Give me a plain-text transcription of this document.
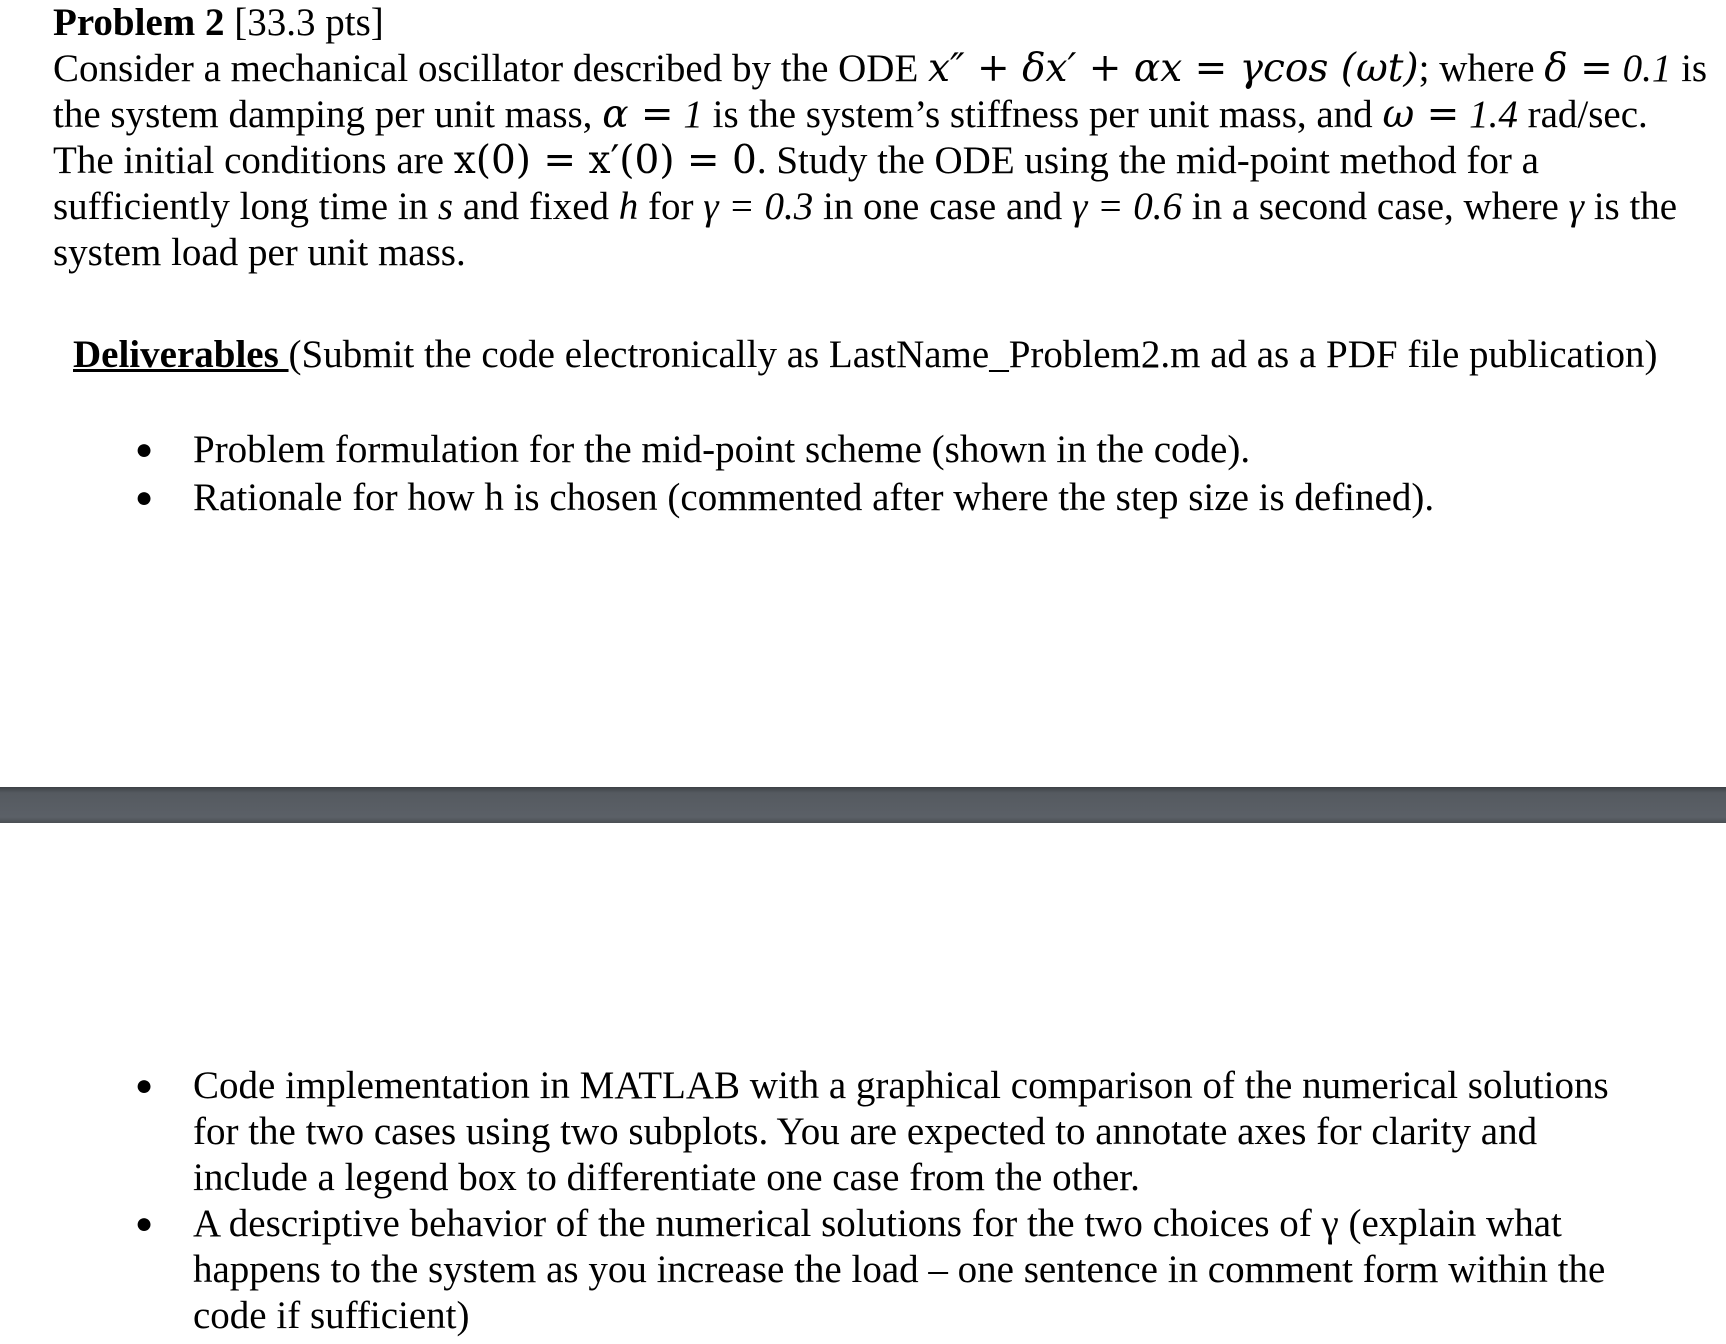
Problem 2 [33.3 pts]

Consider a mechanical oscillator described by the ODE x″ + δx′ + αx = γcos (ωt); where δ = 0.1 is the system damping per unit mass, α = 1 is the system’s stiffness per unit mass, and ω = 1.4 rad/sec. The initial conditions are x(0) = x′(0) = 0. Study the ODE using the mid-point method for a sufficiently long time in s and fixed h for γ = 0.3 in one case and γ = 0.6 in a second case, where γ is the system load per unit mass.

Deliverables (Submit the code electronically as LastName_Problem2.m ad as a PDF file publication)
● Problem formulation for the mid-point scheme (shown in the code).
● Rationale for how h is chosen (commented after where the step size is defined).
● Code implementation in MATLAB with a graphical comparison of the numerical solutions for the two cases using two subplots. You are expected to annotate axes for clarity and include a legend box to differentiate one case from the other.
● A descriptive behavior of the numerical solutions for the two choices of γ (explain what happens to the system as you increase the load – one sentence in comment form within the code if sufficient)
